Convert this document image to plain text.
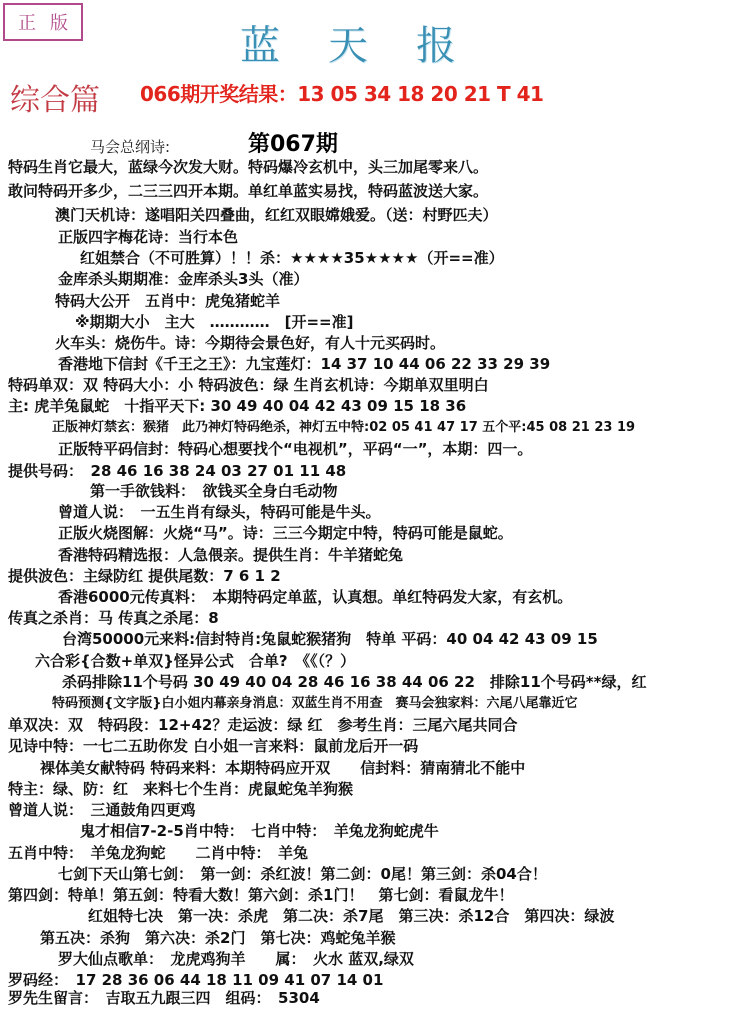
正版	蓝天报
综合篇 066期开奖结果：13 05 34 18 20 21 T 41
第067期
马会总纲诗:
特码生肖它最大，蓝绿今次发大财。特码爆冷玄机中，头三加尾零来八。
敢问特码开多少，二三三四开本期。单红单蓝实易找，特码蓝波送大家。
澳门天机诗：遂唱阳关四叠曲，红红双眼嫦娥爱。（送：村野匹夫）
正版四字梅花诗：当行本色
红姐禁合（不可胜算）！！杀：★★★★35★★★★（开==准）
金库杀头期期准：金库杀头3头（准）
特码大公开　五肖中：虎兔猪蛇羊
※期期大小　主大　…………　[开==准]
火车头：烧伤牛。诗：今期待会景色好，有人十元买码时。
香港地下信封《千王之王》：九宝莲灯：14 37 10 44 06 22 33 29 39
特码单双：双 特码大小：小 特码波色：绿 生肖玄机诗：今期单双里明白
主: 虎羊兔鼠蛇　十指平天下: 30 49 40 04 42 43 09 15 18 36
正版神灯禁玄：猴猪　此乃神灯特码绝杀，神灯五中特:02 05 41 47 17 五个平:45 08 21 23 19
正版特平码信封：特码心想要找个“电视机”，平码“一”，本期：四一。
提供号码：　28 46 16 38 24 03 27 01 11 48
第一手欲钱料：　欲钱买全身白毛动物
曾道人说：　一五生肖有绿头，特码可能是牛头。
正版火烧图解：火烧“马”。诗：三三今期定中特，特码可能是鼠蛇。
香港特码精选报：人急偎亲。提供生肖：牛羊猪蛇兔
提供波色：主绿防红 提供尾数：7 6 1 2
香港6000元传真料：　本期特码定单蓝，认真想。单红特码发大家，有玄机。
传真之杀肖：马 传真之杀尾：8
台湾50000元来料:信封特肖:兔鼠蛇猴猪狗　特单 平码：40 04 42 43 09 15
六合彩{合数+单双}怪异公式　合单?　《《（？）
杀码排除11个号码 30 49 40 04 28 46 16 38 44 06 22　排除11个号码**绿，红
特码预测{文字版}白小姐内幕亲身消息：双蓝生肖不用查　赛马会独家料：六尾八尾靠近它
单双决：双　特码段：12+42？走运波：绿 红　参考生肖：三尾六尾共同合
见诗中特：一七二五助你发 白小姐一言来料：鼠前龙后开一码
裸体美女献特码 特码来料：本期特码应开双　　信封料：猜南猜北不能中
特主：绿、防：红　来料七个生肖：虎鼠蛇兔羊狗猴
曾道人说：　三通鼓角四更鸡
鬼才相信7-2-5肖中特：　七肖中特：　羊兔龙狗蛇虎牛
五肖中特：　羊兔龙狗蛇　　二肖中特：　羊兔
七剑下天山第七剑：　第一剑：杀红波！第二剑：0尾！第三剑：杀04合！
第四剑：特单！第五剑：特看大数！第六剑：杀1门！　第七剑：看鼠龙牛！
红姐特七决　第一决：杀虎　第二决：杀7尾　第三决：杀12合　第四决：绿波
第五决：杀狗　第六决：杀2门　第七决：鸡蛇兔羊猴
罗大仙点歌单：　龙虎鸡狗羊　　属：　火水 蓝双,绿双
罗码经：　17 28 36 06 44 18 11 09 41 07 14 01
罗先生留言：　吉取五九跟三四　组码：　5304
